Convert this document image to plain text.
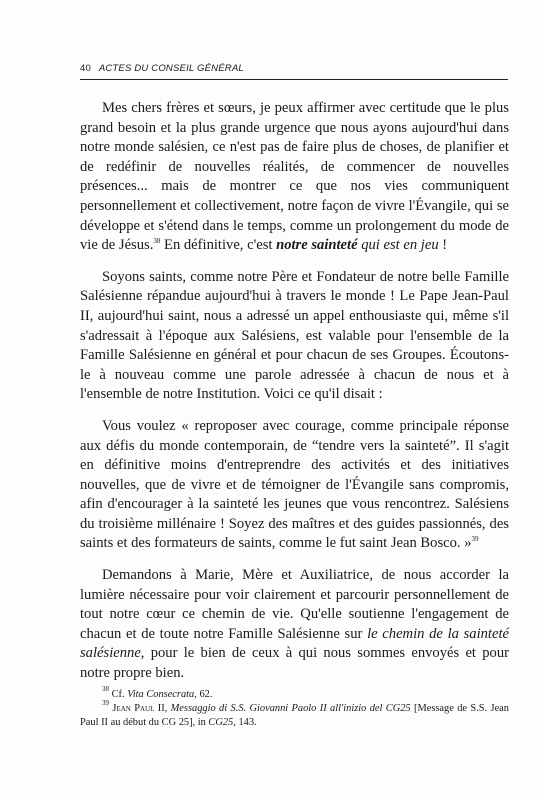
40 ACTES DU CONSEIL GÉNÉRAL

Mes chers frères et sœurs, je peux affirmer avec certitude que le plus grand besoin et la plus grande urgence que nous ayons aujourd'hui dans notre monde salésien, ce n'est pas de faire plus de choses, de planifier et de redéfinir de nouvelles réalités, de commencer de nouvelles présences... mais de montrer ce que nos vies communiquent personnellement et collectivement, notre façon de vivre l'Évangile, qui se développe et s'étend dans le temps, comme un prolongement du mode de vie de Jésus.$^{38}$ En définitive, c'est notre sainteté qui est en jeu !

Soyons saints, comme notre Père et Fondateur de notre belle Famille Salésienne répandue aujourd'hui à travers le monde ! Le Pape Jean-Paul II, aujourd'hui saint, nous a adressé un appel enthousiaste qui, même s'il s'adressait à l'époque aux Salésiens, est valable pour l'ensemble de la Famille Salésienne en général et pour chacun de ses Groupes. Écoutons-le à nouveau comme une parole adressée à chacun de nous et à l'ensemble de notre Institution. Voici ce qu'il disait :

Vous voulez « reproposer avec courage, comme principale réponse aux défis du monde contemporain, de “tendre vers la sainteté”. Il s'agit en définitive moins d'entreprendre des activités et des initiatives nouvelles, que de vivre et de témoigner de l'Évangile sans compromis, afin d'encourager à la sainteté les jeunes que vous rencontrez. Salésiens du troisième millénaire ! Soyez des maîtres et des guides passionnés, des saints et des formateurs de saints, comme le fut saint Jean Bosco. »$^{39}$

Demandons à Marie, Mère et Auxiliatrice, de nous accorder la lumière nécessaire pour voir clairement et parcourir personnellement de tout notre cœur ce chemin de vie. Qu'elle soutienne l'engagement de chacun et de toute notre Famille Salésienne sur le chemin de la sainteté salésienne, pour le bien de ceux à qui nous sommes envoyés et pour notre propre bien.

$^{38}$ Cf. Vita Consecrata, 62.

$^{39}$ Jean Paul II, Messaggio di S.S. Giovanni Paolo II all'inizio del CG25 [Message de S.S. Jean Paul II au début du CG 25], in CG25, 143.
